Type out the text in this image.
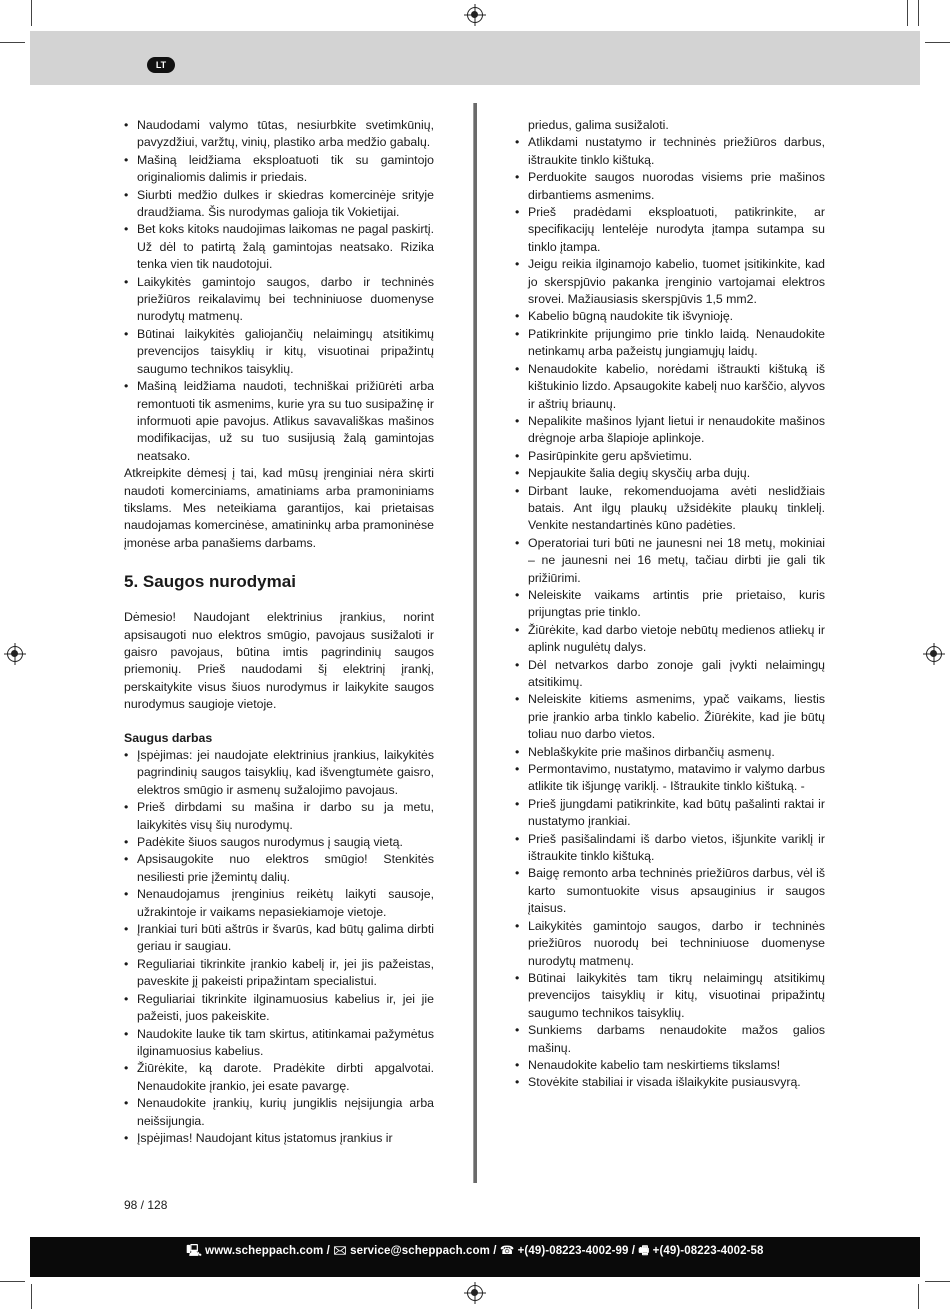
LT
• Naudodami valymo tūtas, nesiurbkite svetimkūnių, pavyzdžiui, varžtų, vinių, plastiko arba medžio gabalų.
• Mašiną leidžiama eksploatuoti tik su gamintojo originaliomis dalimis ir priedais.
• Siurbti medžio dulkes ir skiedras komercinėje srityje draudžiama. Šis nurodymas galioja tik Vokietijai.
• Bet koks kitoks naudojimas laikomas ne pagal paskirtį. Už dėl to patirtą žalą gamintojas neatsako. Rizika tenka vien tik naudotojui.
• Laikykitės gamintojo saugos, darbo ir techninės priežiūros reikalavimų bei techniniuose duomenyse nurodytų matmenų.
• Būtinai laikykitės galiojančių nelaimingų atsitikimų prevencijos taisyklių ir kitų, visuotinai pripažintų saugumo technikos taisyklių.
• Mašiną leidžiama naudoti, techniškai prižiūrėti arba remontuoti tik asmenims, kurie yra su tuo susipažinę ir informuoti apie pavojus. Atlikus savavališkas mašinos modifikacijas, už su tuo susijusią žalą gamintojas neatsako.

Atkreipkite dėmesį į tai, kad mūsų įrenginiai nėra skirti naudoti komerciniams, amatiniams arba pramoniniams tikslams. Mes neteikiama garantijos, kai prietaisas naudojamas komercinėse, amatininkų arba pramoninėse įmonėse arba panašiems darbams.

5. Saugos nurodymai

Dėmesio! Naudojant elektrinius įrankius, norint apsisaugoti nuo elektros smūgio, pavojaus susižaloti ir gaisro pavojaus, būtina imtis pagrindinių saugos priemonių. Prieš naudodami šį elektrinį įrankį, perskaitykite visus šiuos nurodymus ir laikykite saugos nurodymus saugioje vietoje.

Saugus darbas
• Įspėjimas: jei naudojate elektrinius įrankius, laikykitės pagrindinių saugos taisyklių, kad išvengtumėte gaisro, elektros smūgio ir asmenų sužalojimo pavojaus.
• Prieš dirbdami su mašina ir darbo su ja metu, laikykitės visų šių nurodymų.
• Padėkite šiuos saugos nurodymus į saugią vietą.
• Apsisaugokite nuo elektros smūgio! Stenkitės nesiliesti prie įžemintų dalių.
• Nenaudojamus įrenginius reikėtų laikyti sausoje, užrakintoje ir vaikams nepasiekiamoje vietoje.
• Įrankiai turi būti aštrūs ir švarūs, kad būtų galima dirbti geriau ir saugiau.
• Reguliariai tikrinkite įrankio kabelį ir, jei jis pažeistas, paveskite jį pakeisti pripažintam specialistui.
• Reguliariai tikrinkite ilginamuosius kabelius ir, jei jie pažeisti, juos pakeiskite.
• Naudokite lauke tik tam skirtus, atitinkamai pažymėtus ilginamuosius kabelius.
• Žiūrėkite, ką darote. Pradėkite dirbti apgalvotai. Nenaudokite įrankio, jei esate pavargę.
• Nenaudokite įrankių, kurių jungiklis neįsijungia arba neišsijungia.
• Įspėjimas! Naudojant kitus įstatomus įrankius ir
priedus, galima susižaloti.
• Atlikdami nustatymo ir techninės priežiūros darbus, ištraukite tinklo kištuką.
• Perduokite saugos nuorodas visiems prie mašinos dirbantiems asmenims.
• Prieš pradėdami eksploatuoti, patikrinkite, ar specifikacijų lentelėje nurodyta įtampa sutampa su tinklo įtampa.
• Jeigu reikia ilginamojo kabelio, tuomet įsitikinkite, kad jo skerspjūvio pakanka įrenginio vartojamai elektros srovei. Mažiausiasis skerspjūvis 1,5 mm2.
• Kabelio būgną naudokite tik išvynioję.
• Patikrinkite prijungimo prie tinklo laidą. Nenaudokite netinkamų arba pažeistų jungiamųjų laidų.
• Nenaudokite kabelio, norėdami ištraukti kištuką iš kištukinio lizdo. Apsaugokite kabelį nuo karščio, alyvos ir aštrių briaunų.
• Nepalikite mašinos lyjant lietui ir nenaudokite mašinos drėgnoje arba šlapioje aplinkoje.
• Pasirūpinkite geru apšvietimu.
• Nepjaukite šalia degių skysčių arba dujų.
• Dirbant lauke, rekomenduojama avėti neslidžiais batais. Ant ilgų plaukų užsidėkite plaukų tinklelį. Venkite nestandartinės kūno padėties.
• Operatoriai turi būti ne jaunesni nei 18 metų, mokiniai – ne jaunesni nei 16 metų, tačiau dirbti jie gali tik prižiūrimi.
• Neleiskite vaikams artintis prie prietaiso, kuris prijungtas prie tinklo.
• Žiūrėkite, kad darbo vietoje nebūtų medienos atliekų ir aplink nugulėtų dalys.
• Dėl netvarkos darbo zonoje gali įvykti nelaimingų atsitikimų.
• Neleiskite kitiems asmenims, ypač vaikams, liestis prie įrankio arba tinklo kabelio. Žiūrėkite, kad jie būtų toliau nuo darbo vietos.
• Neblaškykite prie mašinos dirbančių asmenų.
• Permontavimo, nustatymo, matavimo ir valymo darbus atlikite tik išjungę variklį. - Ištraukite tinklo kištuką. -
• Prieš įjungdami patikrinkite, kad būtų pašalinti raktai ir nustatymo įrankiai.
• Prieš pasišalindami iš darbo vietos, išjunkite variklį ir ištraukite tinklo kištuką.
• Baigę remonto arba techninės priežiūros darbus, vėl iš karto sumontuokite visus apsauginius ir saugos įtaisus.
• Laikykitės gamintojo saugos, darbo ir techninės priežiūros nuorodų bei techniniuose duomenyse nurodytų matmenų.
• Būtinai laikykitės tam tikrų nelaimingų atsitikimų prevencijos taisyklių ir kitų, visuotinai pripažintų saugumo technikos taisyklių.
• Sunkiems darbams nenaudokite mažos galios mašinų.
• Nenaudokite kabelio tam neskirtiems tikslams!
• Stovėkite stabiliai ir visada išlaikykite pusiausvyrą.
98 / 128
🖳 www.scheppach.com / 🖂 service@scheppach.com / ☎ +(49)-08223-4002-99 / 🖷 +(49)-08223-4002-58
